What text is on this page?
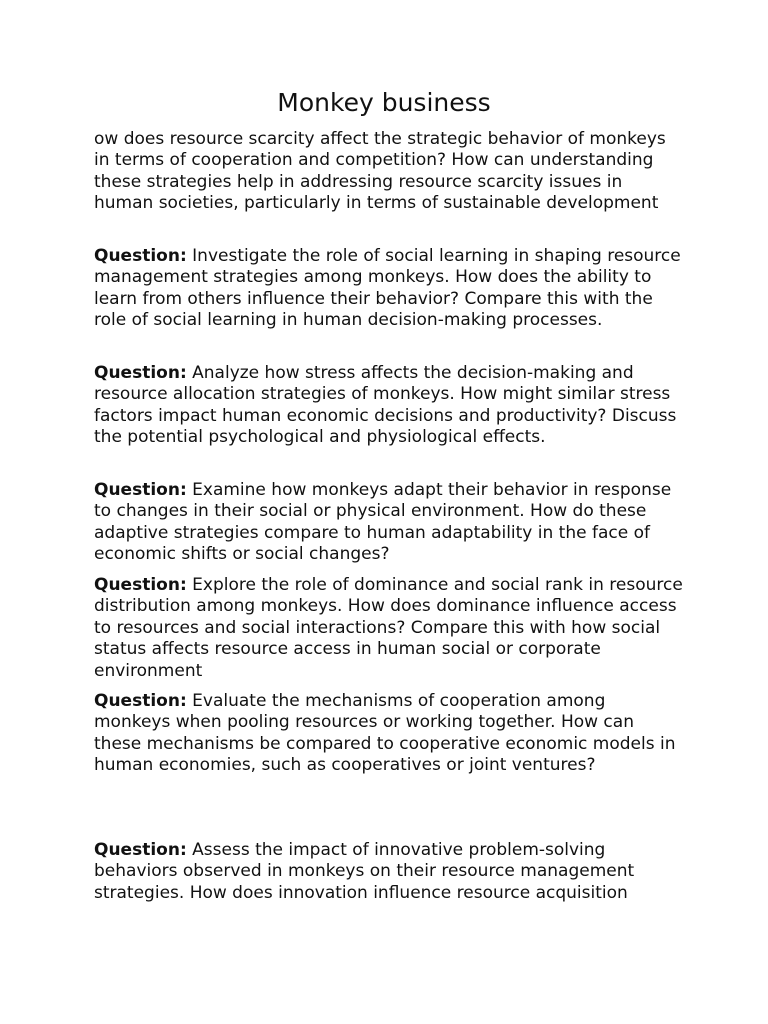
Monkey business

ow does resource scarcity affect the strategic behavior of monkeys in terms of cooperation and competition? How can understanding these strategies help in addressing resource scarcity issues in human societies, particularly in terms of sustainable development

Question: Investigate the role of social learning in shaping resource management strategies among monkeys. How does the ability to learn from others influence their behavior? Compare this with the role of social learning in human decision-making processes.

Question: Analyze how stress affects the decision-making and resource allocation strategies of monkeys. How might similar stress factors impact human economic decisions and productivity? Discuss the potential psychological and physiological effects.

Question: Examine how monkeys adapt their behavior in response to changes in their social or physical environment. How do these adaptive strategies compare to human adaptability in the face of economic shifts or social changes?

Question: Explore the role of dominance and social rank in resource distribution among monkeys. How does dominance influence access to resources and social interactions? Compare this with how social status affects resource access in human social or corporate environment

Question: Evaluate the mechanisms of cooperation among monkeys when pooling resources or working together. How can these mechanisms be compared to cooperative economic models in human economies, such as cooperatives or joint ventures?

Question: Assess the impact of innovative problem-solving behaviors observed in monkeys on their resource management strategies. How does innovation influence resource acquisition
